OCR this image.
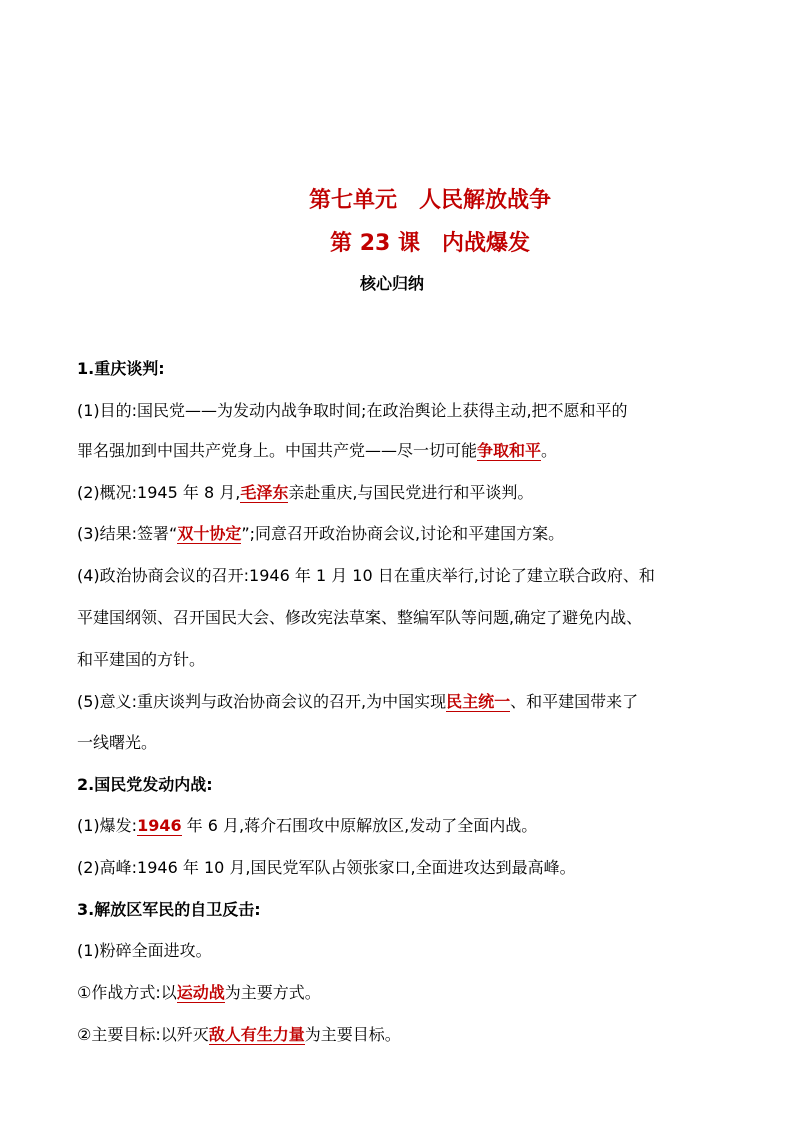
第七单元　人民解放战争
第 23 课　内战爆发
核心归纳
1.重庆谈判:
(1)目的:国民党——为发动内战争取时间;在政治舆论上获得主动,把不愿和平的
罪名强加到中国共产党身上。中国共产党——尽一切可能争取和平。
(2)概况:1945 年 8 月,毛泽东亲赴重庆,与国民党进行和平谈判。
(3)结果:签署“双十协定”;同意召开政治协商会议,讨论和平建国方案。
(4)政治协商会议的召开:1946 年 1 月 10 日在重庆举行,讨论了建立联合政府、和
平建国纲领、召开国民大会、修改宪法草案、整编军队等问题,确定了避免内战、
和平建国的方针。
(5)意义:重庆谈判与政治协商会议的召开,为中国实现民主统一、和平建国带来了
一线曙光。
2.国民党发动内战:
(1)爆发:1946 年 6 月,蒋介石围攻中原解放区,发动了全面内战。
(2)高峰:1946 年 10 月,国民党军队占领张家口,全面进攻达到最高峰。
3.解放区军民的自卫反击:
(1)粉碎全面进攻。
①作战方式:以运动战为主要方式。
②主要目标:以歼灭敌人有生力量为主要目标。
